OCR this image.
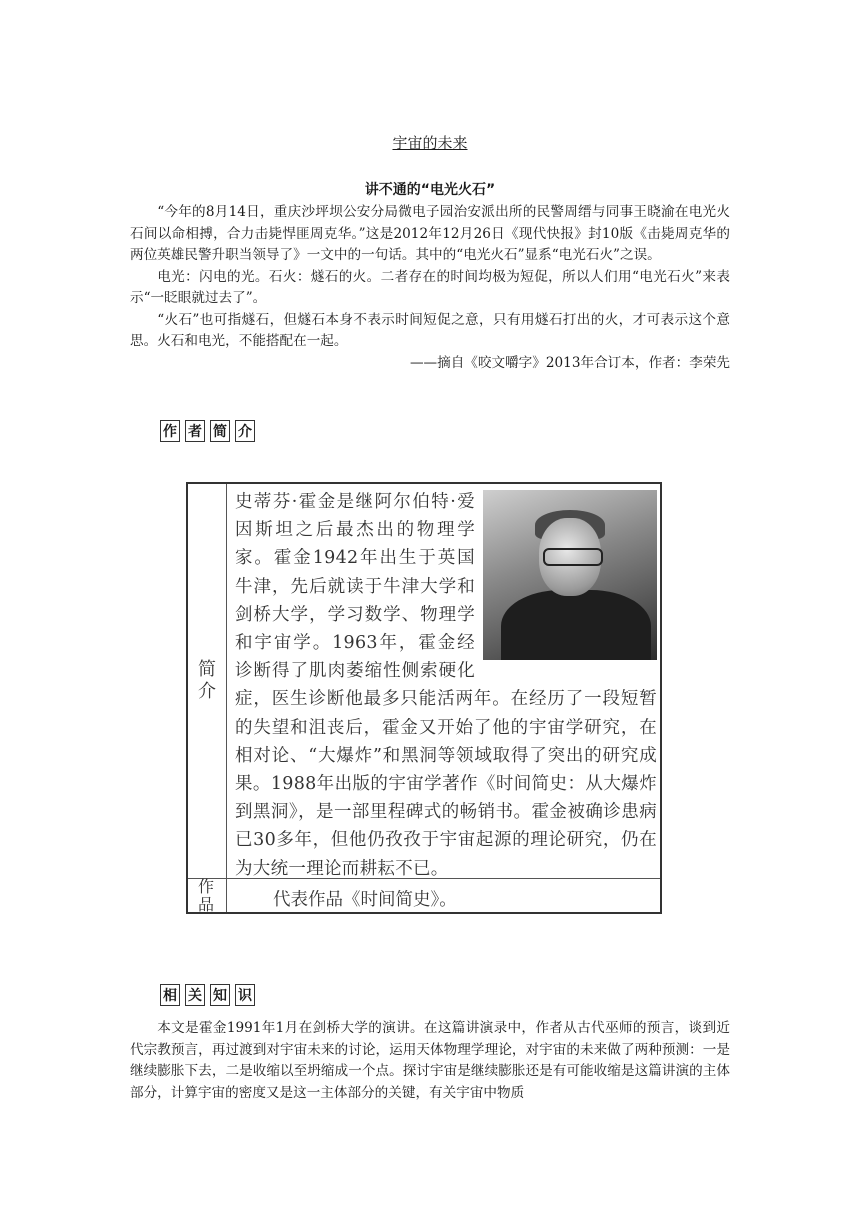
宇宙的未来

讲不通的“电光火石”

“今年的8月14日，重庆沙坪坝公安分局微电子园治安派出所的民警周缙与同事王晓渝在电光火石间以命相搏，合力击毙悍匪周克华。”这是2012年12月26日《现代快报》封10版《击毙周克华的两位英雄民警升职当领导了》一文中的一句话。其中的“电光火石”显系“电光石火”之误。

电光：闪电的光。石火：燧石的火。二者存在的时间均极为短促，所以人们用“电光石火”来表示“一眨眼就过去了”。

“火石”也可指燧石，但燧石本身不表示时间短促之意，只有用燧石打出的火，才可表示这个意思。火石和电光，不能搭配在一起。

——摘自《咬文嚼字》2013年合订本，作者：李荣先

作 者 简 介
简介
作品
史蒂芬·霍金是继阿尔伯特·爱因斯坦之后最杰出的物理学家。霍金1942年出生于英国牛津，先后就读于牛津大学和剑桥大学，学习数学、物理学和宇宙学。1963年，霍金经诊断得了肌肉萎缩性侧索硬化症，医生诊断他最多只能活两年。在经历了一段短暂的失望和沮丧后，霍金又开始了他的宇宙学研究，在相对论、“大爆炸”和黑洞等领域取得了突出的研究成果。1988年出版的宇宙学著作《时间简史：从大爆炸到黑洞》，是一部里程碑式的畅销书。霍金被确诊患病已30多年，但他仍孜孜于宇宙起源的理论研究，仍在为大统一理论而耕耘不已。
代表作品《时间简史》。
相 关 知 识

本文是霍金1991年1月在剑桥大学的演讲。在这篇讲演录中，作者从古代巫师的预言，谈到近代宗教预言，再过渡到对宇宙未来的讨论，运用天体物理学理论，对宇宙的未来做了两种预测：一是继续膨胀下去，二是收缩以至坍缩成一个点。探讨宇宙是继续膨胀还是有可能收缩是这篇讲演的主体部分，计算宇宙的密度又是这一主体部分的关键，有关宇宙中物质
